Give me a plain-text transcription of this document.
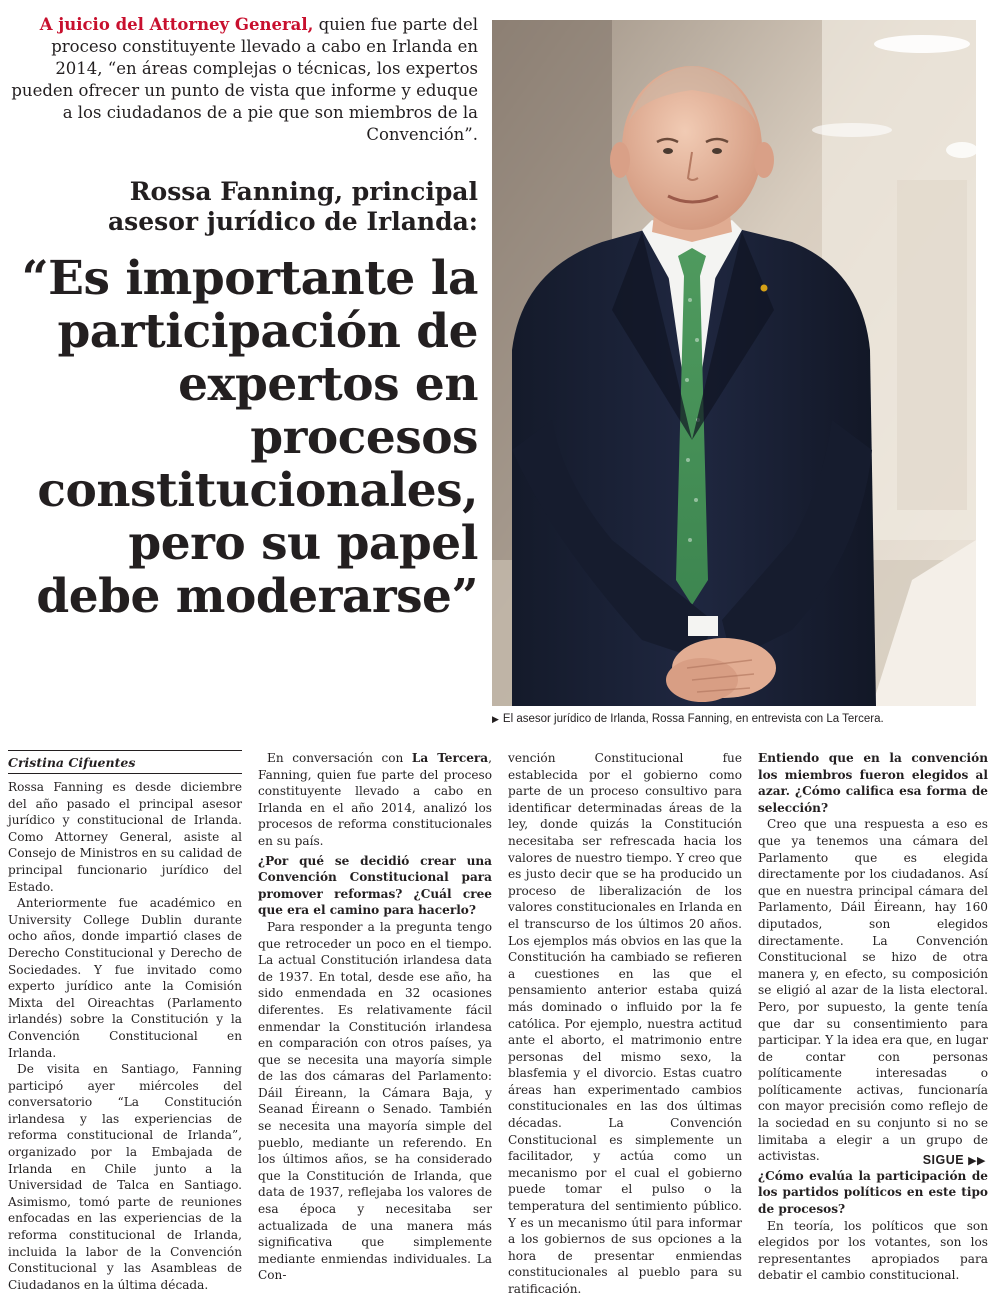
A juicio del Attorney General, quien fue parte del proceso constituyente llevado a cabo en Irlanda en 2014, “en áreas complejas o técnicas, los expertos pueden ofrecer un punto de vista que informe y eduque a los ciudadanos de a pie que son miembros de la Convención”.
Rossa Fanning, principal asesor jurídico de Irlanda:
“Es importante la participación de expertos en procesos constitucionales, pero su papel debe moderarse”
▶ El asesor jurídico de Irlanda, Rossa Fanning, en entrevista con La Tercera.
Cristina Cifuentes

Rossa Fanning es desde diciembre del año pasado el principal asesor jurídico y constitucional de Irlanda. Como Attorney General, asiste al Consejo de Ministros en su calidad de principal funcionario jurídico del Estado.

Anteriormente fue académico en University College Dublin durante ocho años, donde impartió clases de Derecho Constitucional y Derecho de Sociedades. Y fue invitado como experto jurídico ante la Comisión Mixta del Oireachtas (Parlamento irlandés) sobre la Constitución y la Convención Constitucional en Irlanda.

De visita en Santiago, Fanning participó ayer miércoles del conversatorio “La Constitución irlandesa y las experiencias de reforma constitucional de Irlanda”, organizado por la Embajada de Irlanda en Chile junto a la Universidad de Talca en Santiago. Asimismo, tomó parte de reuniones enfocadas en las experiencias de la reforma constitucional de Irlanda, incluida la labor de la Convención Constitucional y las Asambleas de Ciudadanos en la última década.

En conversación con La Tercera, Fanning, quien fue parte del proceso constituyente llevado a cabo en Irlanda en el año 2014, analizó los procesos de reforma constitucionales en su país.

¿Por qué se decidió crear una Convención Constitucional para promover reformas? ¿Cuál cree que era el camino para hacerlo?

Para responder a la pregunta tengo que retroceder un poco en el tiempo. La actual Constitución irlandesa data de 1937. En total, desde ese año, ha sido enmendada en 32 ocasiones diferentes. Es relativamente fácil enmendar la Constitución irlandesa en comparación con otros países, ya que se necesita una mayoría simple de las dos cámaras del Parlamento: Dáil Éireann, la Cámara Baja, y Seanad Éireann o Senado. También se necesita una mayoría simple del pueblo, mediante un referendo. En los últimos años, se ha considerado que la Constitución de Irlanda, que data de 1937, reflejaba los valores de esa época y necesitaba ser actualizada de una manera más significativa que simplemente mediante enmiendas individuales. La Con-

vención Constitucional fue establecida por el gobierno como parte de un proceso consultivo para identificar determinadas áreas de la ley, donde quizás la Constitución necesitaba ser refrescada hacia los valores de nuestro tiempo. Y creo que es justo decir que se ha producido un proceso de liberalización de los valores constitucionales en Irlanda en el transcurso de los últimos 20 años. Los ejemplos más obvios en las que la Constitución ha cambiado se refieren a cuestiones en las que el pensamiento anterior estaba quizá más dominado o influido por la fe católica. Por ejemplo, nuestra actitud ante el aborto, el matrimonio entre personas del mismo sexo, la blasfemia y el divorcio. Estas cuatro áreas han experimentado cambios constitucionales en las dos últimas décadas. La Convención Constitucional es simplemente un facilitador, y actúa como un mecanismo por el cual el gobierno puede tomar el pulso o la temperatura del sentimiento público. Y es un mecanismo útil para informar a los gobiernos de sus opciones a la hora de presentar enmiendas constitucionales al pueblo para su ratificación.

Entiendo que en la convención los miembros fueron elegidos al azar. ¿Cómo califica esa forma de selección?

Creo que una respuesta a eso es que ya tenemos una cámara del Parlamento que es elegida directamente por los ciudadanos. Así que en nuestra principal cámara del Parlamento, Dáil Éireann, hay 160 diputados, son elegidos directamente. La Convención Constitucional se hizo de otra manera y, en efecto, su composición se eligió al azar de la lista electoral. Pero, por supuesto, la gente tenía que dar su consentimiento para participar. Y la idea era que, en lugar de contar con personas políticamente interesadas o políticamente activas, funcionaría con mayor precisión como reflejo de la sociedad en su conjunto si no se limitaba a elegir a un grupo de activistas.

¿Cómo evalúa la participación de los partidos políticos en este tipo de procesos?

En teoría, los políticos que son elegidos por los votantes, son los representantes apropiados para debatir el cambio constitucional.

SIGUE ▶▶
